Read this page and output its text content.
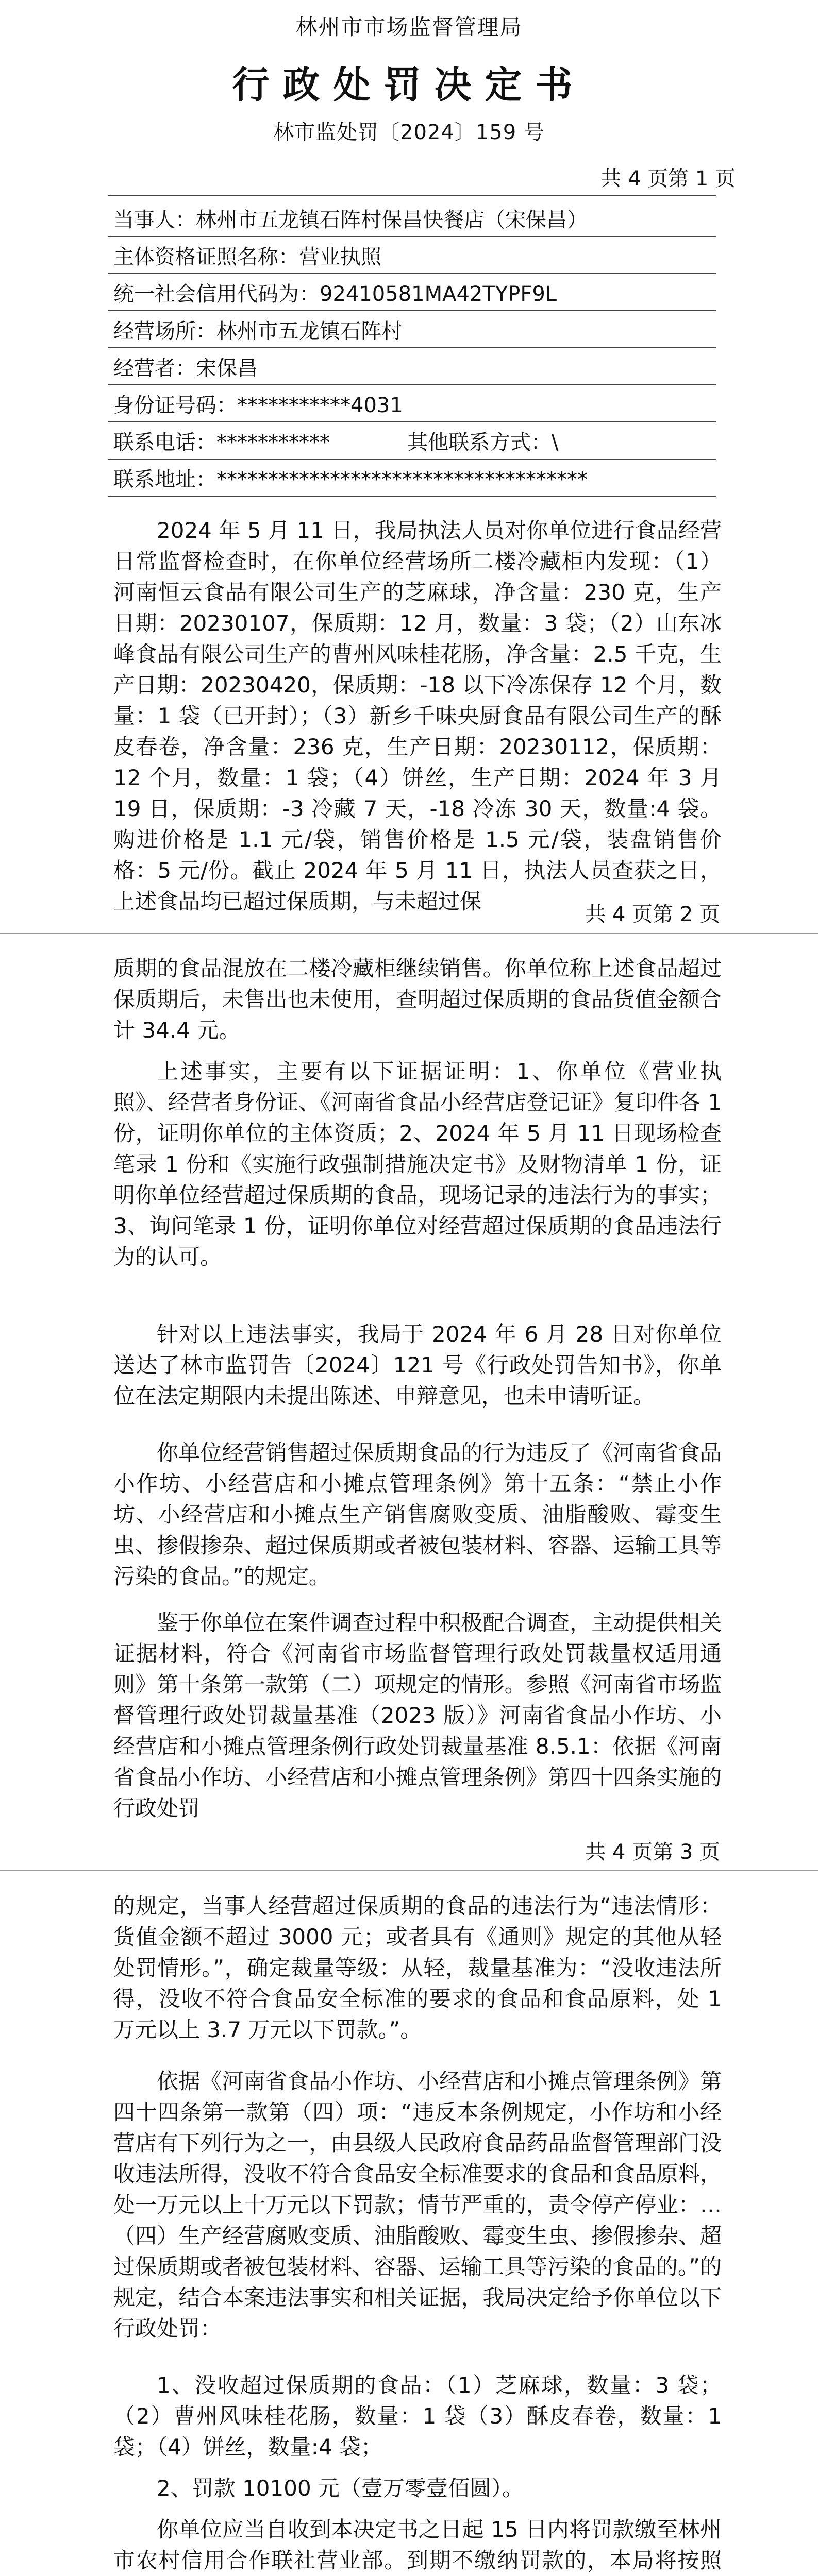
林州市市场监督管理局
行政处罚决定书
林市监处罚〔2024〕159 号
共 4 页第 1 页
当事人：林州市五龙镇石阵村保昌快餐店（宋保昌）
主体资格证照名称：营业执照
统一社会信用代码为：92410581MA42TYPF9L
经营场所：林州市五龙镇石阵村
经营者：宋保昌
身份证号码：***********4031
联系电话：***********	其他联系方式：\
联系地址：************************************

2024 年 5 月 11 日，我局执法人员对你单位进行食品经营日常监督检查时，在你单位经营场所二楼冷藏柜内发现：（1）河南恒云食品有限公司生产的芝麻球，净含量：230 克，生产日期：20230107，保质期：12 月，数量：3 袋；（2）山东冰峰食品有限公司生产的曹州风味桂花肠，净含量：2.5 千克，生产日期：20230420，保质期：-18 以下冷冻保存 12 个月，数量：1 袋（已开封）；（3）新乡千味央厨食品有限公司生产的酥皮春卷，净含量：236 克，生产日期：20230112，保质期：12 个月，数量：1 袋；（4）饼丝，生产日期：2024 年 3 月 19 日，保质期：-3 冷藏 7 天，-18 冷冻 30 天，数量:4 袋。购进价格是 1.1 元/袋，销售价格是 1.5 元/袋，装盘销售价格：5 元/份。截止 2024 年 5 月 11 日，执法人员查获之日，上述食品均已超过保质期，与未超过保

共 4 页第 2 页

质期的食品混放在二楼冷藏柜继续销售。你单位称上述食品超过保质期后，未售出也未使用，查明超过保质期的食品货值金额合计 34.4 元。

上述事实，主要有以下证据证明：1、你单位《营业执照》、经营者身份证、《河南省食品小经营店登记证》复印件各 1 份，证明你单位的主体资质；2、2024 年 5 月 11 日现场检查笔录 1 份和《实施行政强制措施决定书》及财物清单 1 份，证明你单位经营超过保质期的食品，现场记录的违法行为的事实；3、询问笔录 1 份，证明你单位对经营超过保质期的食品违法行为的认可。

针对以上违法事实，我局于 2024 年 6 月 28 日对你单位送达了林市监罚告〔2024〕121 号《行政处罚告知书》，你单位在法定期限内未提出陈述、申辩意见，也未申请听证。

你单位经营销售超过保质期食品的行为违反了《河南省食品小作坊、小经营店和小摊点管理条例》第十五条：“禁止小作坊、小经营店和小摊点生产销售腐败变质、油脂酸败、霉变生虫、掺假掺杂、超过保质期或者被包装材料、容器、运输工具等污染的食品。”的规定。

鉴于你单位在案件调查过程中积极配合调查，主动提供相关证据材料，符合《河南省市场监督管理行政处罚裁量权适用通则》第十条第一款第（二）项规定的情形。参照《河南省市场监督管理行政处罚裁量基准（2023 版）》河南省食品小作坊、小经营店和小摊点管理条例行政处罚裁量基准 8.5.1：依据《河南省食品小作坊、小经营店和小摊点管理条例》第四十四条实施的行政处罚

共 4 页第 3 页

的规定，当事人经营超过保质期的食品的违法行为“违法情形：货值金额不超过 3000 元；或者具有《通则》规定的其他从轻处罚情形。”，确定裁量等级：从轻，裁量基准为：“没收违法所得，没收不符合食品安全标准的要求的食品和食品原料，处 1 万元以上 3.7 万元以下罚款。”。

依据《河南省食品小作坊、小经营店和小摊点管理条例》第四十四条第一款第（四）项：“违反本条例规定，小作坊和小经营店有下列行为之一，由县级人民政府食品药品监督管理部门没收违法所得，没收不符合食品安全标准要求的食品和食品原料，处一万元以上十万元以下罚款；情节严重的，责令停产停业：…（四）生产经营腐败变质、油脂酸败、霉变生虫、掺假掺杂、超过保质期或者被包装材料、容器、运输工具等污染的食品的。”的规定，结合本案违法事实和相关证据，我局决定给予你单位以下行政处罚：

1、没收超过保质期的食品：（1）芝麻球，数量：3 袋；（2）曹州风味桂花肠，数量：1 袋（3）酥皮春卷，数量：1 袋；（4）饼丝，数量:4 袋；

2、罚款 10100 元（壹万零壹佰圆）。

你单位应当自收到本决定书之日起 15 日内将罚款缴至林州市农村信用合作联社营业部。到期不缴纳罚款的，本局将按照
